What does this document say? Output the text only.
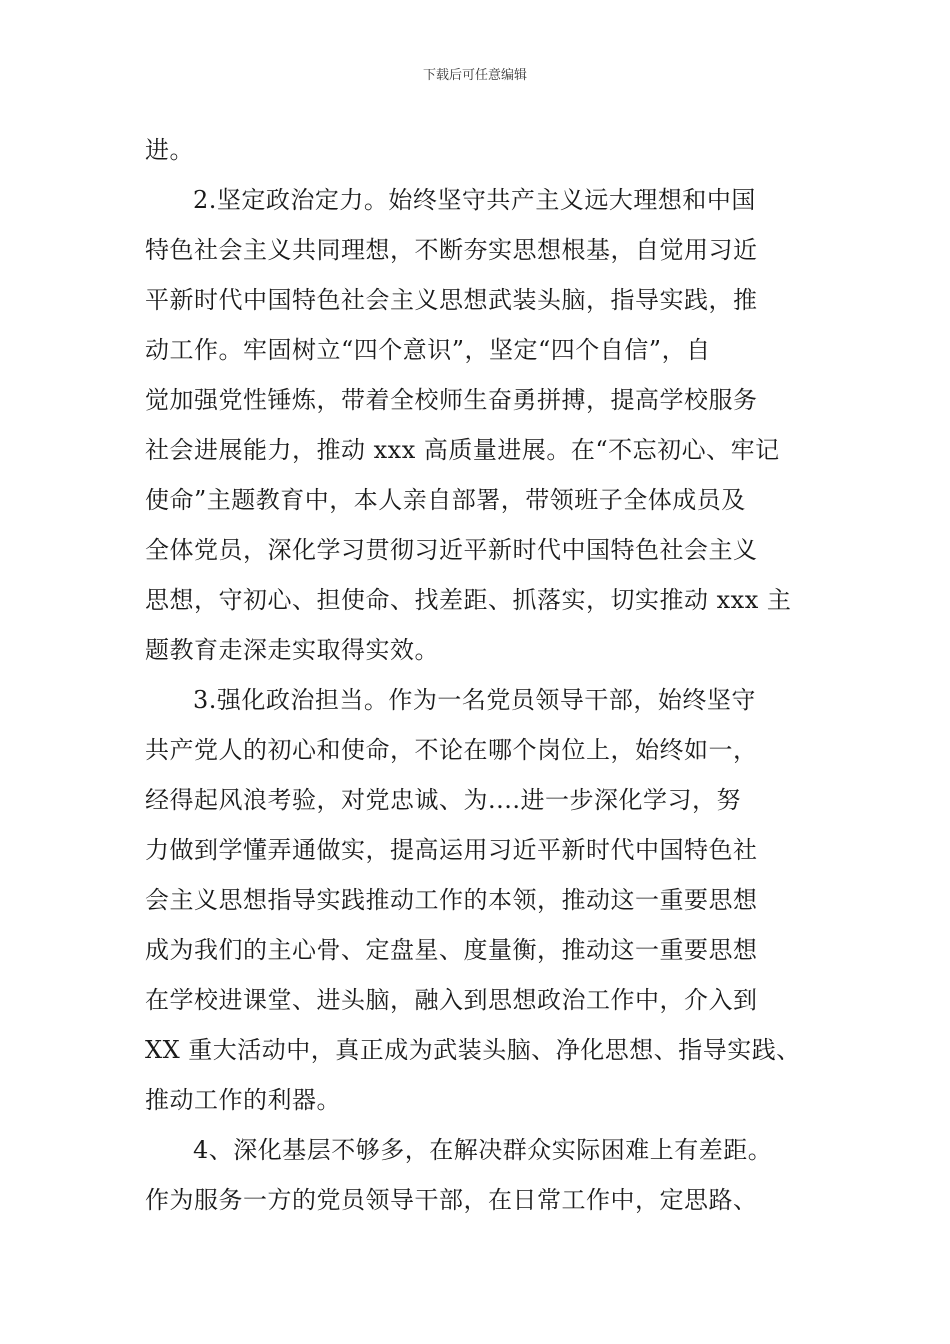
下载后可任意编辑
进。
2.坚定政治定力。始终坚守共产主义远大理想和中国
特色社会主义共同理想，不断夯实思想根基，自觉用习近
平新时代中国特色社会主义思想武装头脑，指导实践，推
动工作。牢固树立“四个意识”，坚定“四个自信”，自
觉加强党性锤炼，带着全校师生奋勇拼搏，提高学校服务
社会进展能力，推动 xxx 高质量进展。在“不忘初心、牢记
使命”主题教育中，本人亲自部署，带领班子全体成员及
全体党员，深化学习贯彻习近平新时代中国特色社会主义
思想，守初心、担使命、找差距、抓落实，切实推动 xxx 主
题教育走深走实取得实效。
3.强化政治担当。作为一名党员领导干部，始终坚守
共产党人的初心和使命，不论在哪个岗位上，始终如一，
经得起风浪考验，对党忠诚、为....进一步深化学习，努
力做到学懂弄通做实，提高运用习近平新时代中国特色社
会主义思想指导实践推动工作的本领，推动这一重要思想
成为我们的主心骨、定盘星、度量衡，推动这一重要思想
在学校进课堂、进头脑，融入到思想政治工作中，介入到
XX 重大活动中，真正成为武装头脑、净化思想、指导实践、
推动工作的利器。
4、深化基层不够多，在解决群众实际困难上有差距。
作为服务一方的党员领导干部，在日常工作中，定思路、
